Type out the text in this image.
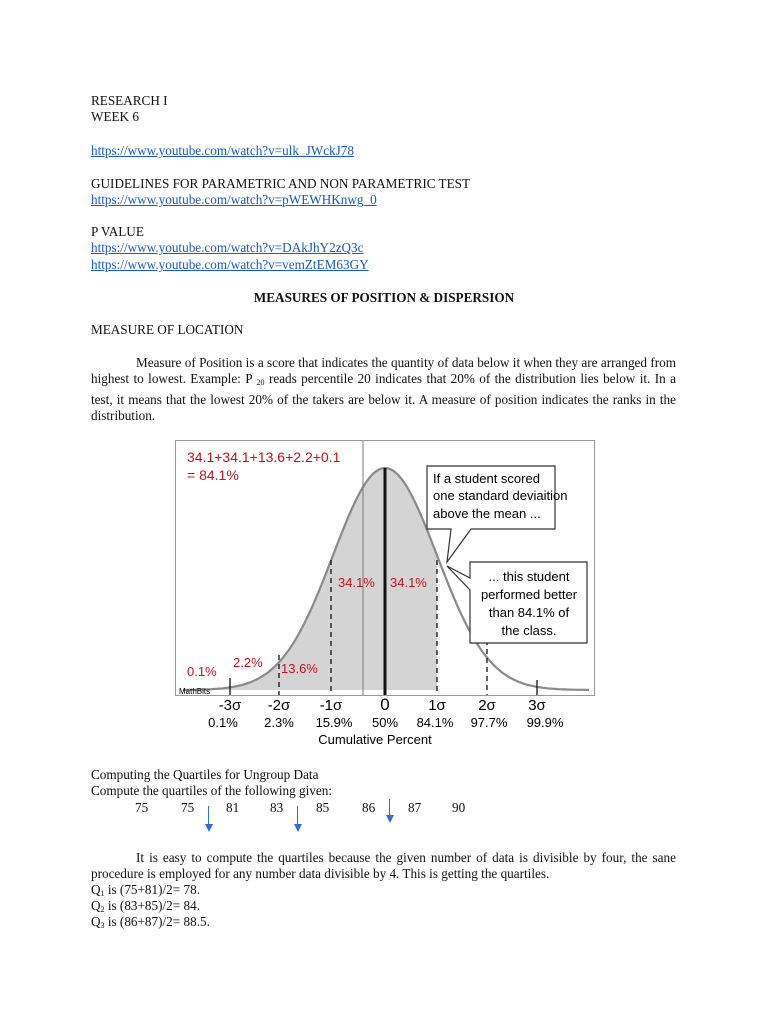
RESEARCH I
WEEK 6
https://www.youtube.com/watch?v=ulk_JWckJ78
GUIDELINES FOR PARAMETRIC AND NON PARAMETRIC TEST
https://www.youtube.com/watch?v=pWEWHKnwg_0
P VALUE
https://www.youtube.com/watch?v=DAkJhY2zQ3c
https://www.youtube.com/watch?v=vemZtEM63GY
MEASURES OF POSITION & DISPERSION
MEASURE OF LOCATION
Measure of Position is a score that indicates the quantity of data below it when they are arranged from highest to lowest. Example: P $_{20}$ reads percentile 20 indicates that 20% of the distribution lies below it. In a test, it means that the lowest 20% of the takers are below it. A measure of position indicates the ranks in the distribution.
34.1+34.1+13.6+2.2+0.1
= 84.1%	If a student scored
one standard deviaition
above the mean ...
... this student
performed better
than 84.1% of
the class.
34.1% 34.1%
13.6%
2.2%
0.1%
MathBits
-3σ -2σ -1σ 0	1σ 2σ 3σ
0.1% 2.3% 15.9% 50% 84.1% 97.7% 99.9%
Cumulative Percent
Computing the Quartiles for Ungroup Data
Compute the quartiles of the following given:
75 75 81 83 85 86 87 90
It is easy to compute the quartiles because the given number of data is divisible by four, the sane procedure is employed for any number data divisible by 4. This is getting the quartiles.
$Q_1$ is (75+81)/2= 78.
$Q_2$ is (83+85)/2= 84.
$Q_3$ is (86+87)/2= 88.5.
